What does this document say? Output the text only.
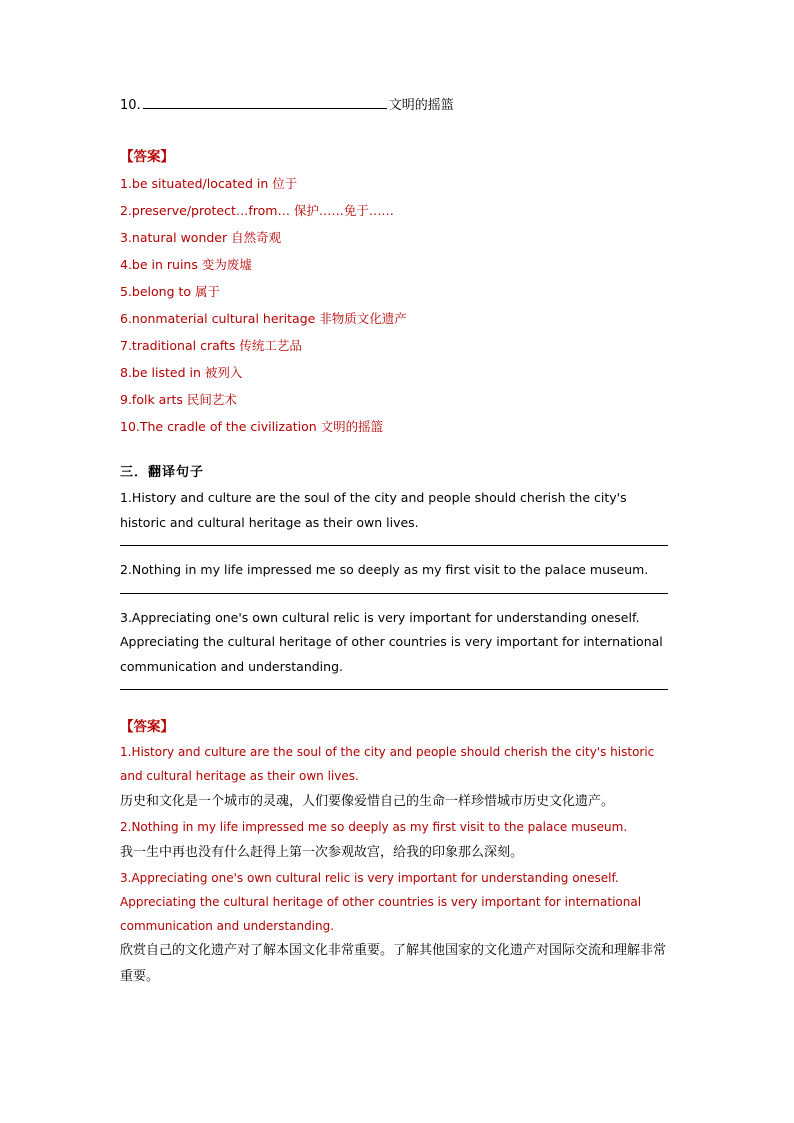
10.	文明的摇篮
【答案】
1.be situated/located in 位于
2.preserve/protect…from… 保护……免于……
3.natural wonder 自然奇观
4.be in ruins 变为废墟
5.belong to 属于
6.nonmaterial cultural heritage 非物质文化遗产
7.traditional crafts 传统工艺品
8.be listed in 被列入
9.folk arts 民间艺术
10.The cradle of the civilization 文明的摇篮
三．翻译句子
1.History and culture are the soul of the city and people should cherish the city's historic and cultural heritage as their own lives.
2.Nothing in my life impressed me so deeply as my first visit to the palace museum.
3.Appreciating one's own cultural relic is very important for understanding oneself. Appreciating the cultural heritage of other countries is very important for international communication and understanding.
【答案】
1.History and culture are the soul of the city and people should cherish the city's historic and cultural heritage as their own lives.
历史和文化是一个城市的灵魂，人们要像爱惜自己的生命一样珍惜城市历史文化遗产。
2.Nothing in my life impressed me so deeply as my first visit to the palace museum.
我一生中再也没有什么赶得上第一次参观故宫，给我的印象那么深刻。
3.Appreciating one's own cultural relic is very important for understanding oneself. Appreciating the cultural heritage of other countries is very important for international communication and understanding.
欣赏自己的文化遗产对了解本国文化非常重要。了解其他国家的文化遗产对国际交流和理解非常重要。
